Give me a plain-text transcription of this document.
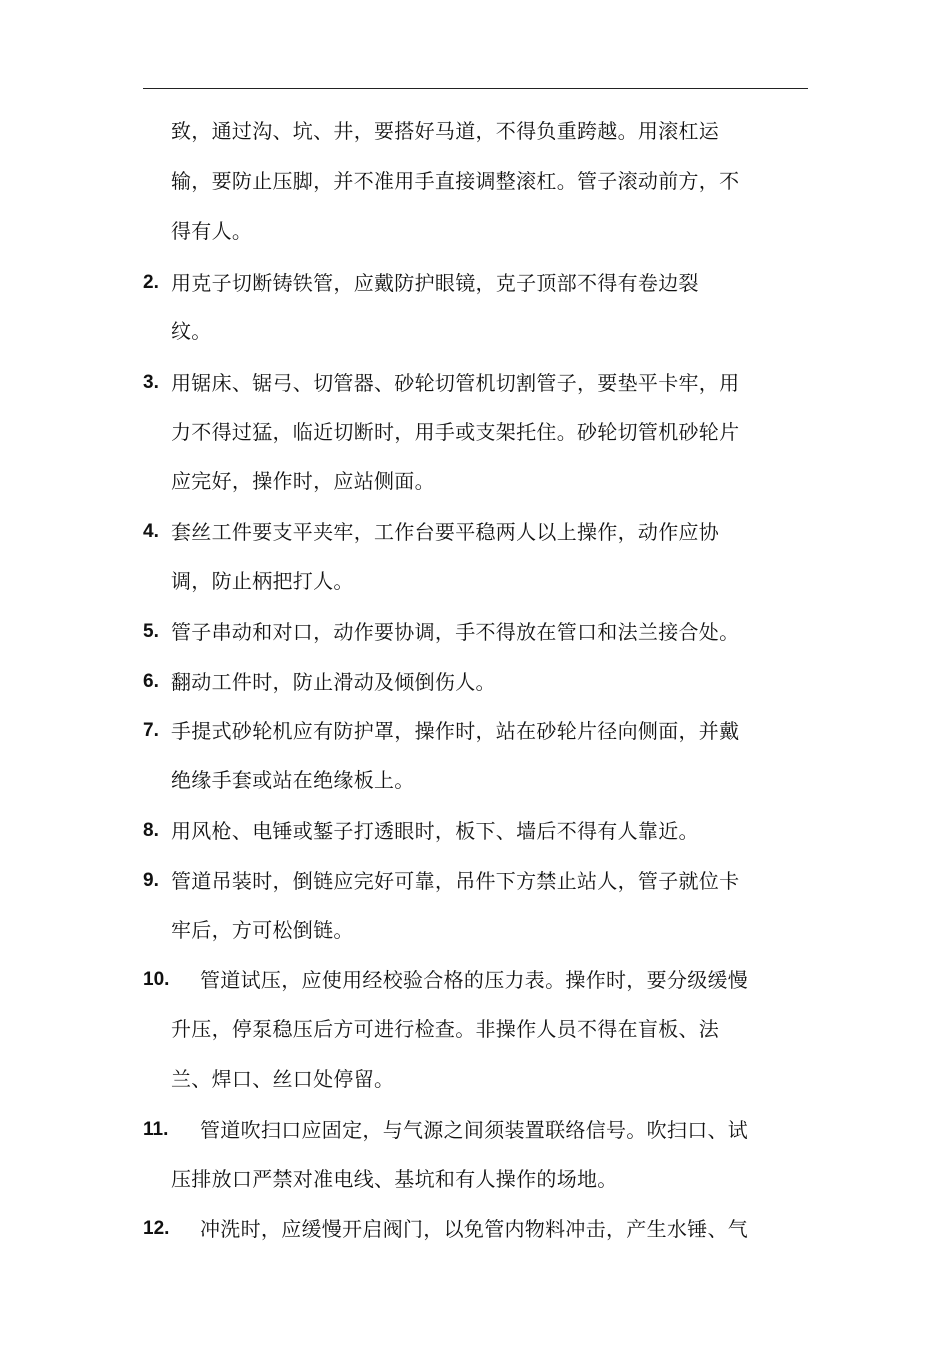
致，通过沟、坑、井，要搭好马道，不得负重跨越。用滚杠运
输，要防止压脚，并不准用手直接调整滚杠。管子滚动前方，不
得有人。
2. 用克子切断铸铁管，应戴防护眼镜，克子顶部不得有卷边裂
纹。
3. 用锯床、锯弓、切管器、砂轮切管机切割管子，要垫平卡牢，用
力不得过猛，临近切断时，用手或支架托住。砂轮切管机砂轮片
应完好，操作时，应站侧面。
4. 套丝工件要支平夹牢，工作台要平稳两人以上操作，动作应协
调，防止柄把打人。
5. 管子串动和对口，动作要协调，手不得放在管口和法兰接合处。
6. 翻动工件时，防止滑动及倾倒伤人。
7. 手提式砂轮机应有防护罩，操作时，站在砂轮片径向侧面，并戴
绝缘手套或站在绝缘板上。
8. 用风枪、电锤或錾子打透眼时，板下、墙后不得有人靠近。
9. 管道吊装时，倒链应完好可靠，吊件下方禁止站人，管子就位卡
牢后，方可松倒链。
10. 管道试压，应使用经校验合格的压力表。操作时，要分级缓慢
升压，停泵稳压后方可进行检查。非操作人员不得在盲板、法
兰、焊口、丝口处停留。
11. 管道吹扫口应固定，与气源之间须装置联络信号。吹扫口、试
压排放口严禁对准电线、基坑和有人操作的场地。
12. 冲洗时，应缓慢开启阀门，以免管内物料冲击，产生水锤、气
